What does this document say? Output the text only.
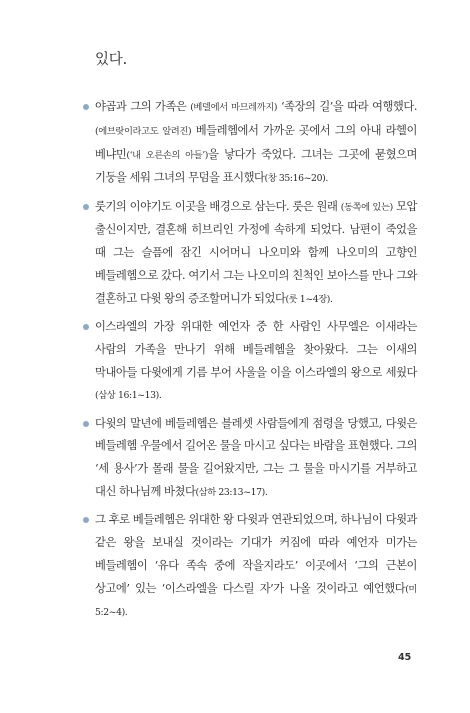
있다.
야곱과 그의 가족은 (베델에서 마므레까지) ‘족장의 길’을 따라 여행했다. (에브랏이라고도 알려진) 베들레헴에서 가까운 곳에서 그의 아내 라헬이 베냐민(‘내 오른손의 아들’)을 낳다가 죽었다. 그녀는 그곳에 묻혔으며 기둥을 세워 그녀의 무덤을 표시했다(창 35:16~20).
룻기의 이야기도 이곳을 배경으로 삼는다. 룻은 원래 (동쪽에 있는) 모압 출신이지만, 결혼해 히브리인 가정에 속하게 되었다. 남편이 죽었을 때 그는 슬픔에 잠긴 시어머니 나오미와 함께 나오미의 고향인 베들레헴으로 갔다. 여기서 그는 나오미의 친척인 보아스를 만나 그와 결혼하고 다윗 왕의 증조할머니가 되었다(룻 1~4장).
이스라엘의 가장 위대한 예언자 중 한 사람인 사무엘은 이새라는 사람의 가족을 만나기 위해 베들레헴을 찾아왔다. 그는 이새의 막내아들 다윗에게 기름 부어 사울을 이을 이스라엘의 왕으로 세웠다(삼상 16:1~13).
다윗의 말년에 베들레헴은 블레셋 사람들에게 점령을 당했고, 다윗은 베들레헴 우물에서 길어온 물을 마시고 싶다는 바람을 표현했다. 그의 ‘세 용사’가 몰래 물을 길어왔지만, 그는 그 물을 마시기를 거부하고 대신 하나님께 바쳤다(삼하 23:13~17).
그 후로 베들레헴은 위대한 왕 다윗과 연관되었으며, 하나님이 다윗과 같은 왕을 보내실 것이라는 기대가 커짐에 따라 예언자 미가는 베들레헴이 ‘유다 족속 중에 작을지라도’ 이곳에서 ‘그의 근본이 상고에’ 있는 ‘이스라엘을 다스릴 자’가 나올 것이라고 예언했다(미 5:2~4).
45
